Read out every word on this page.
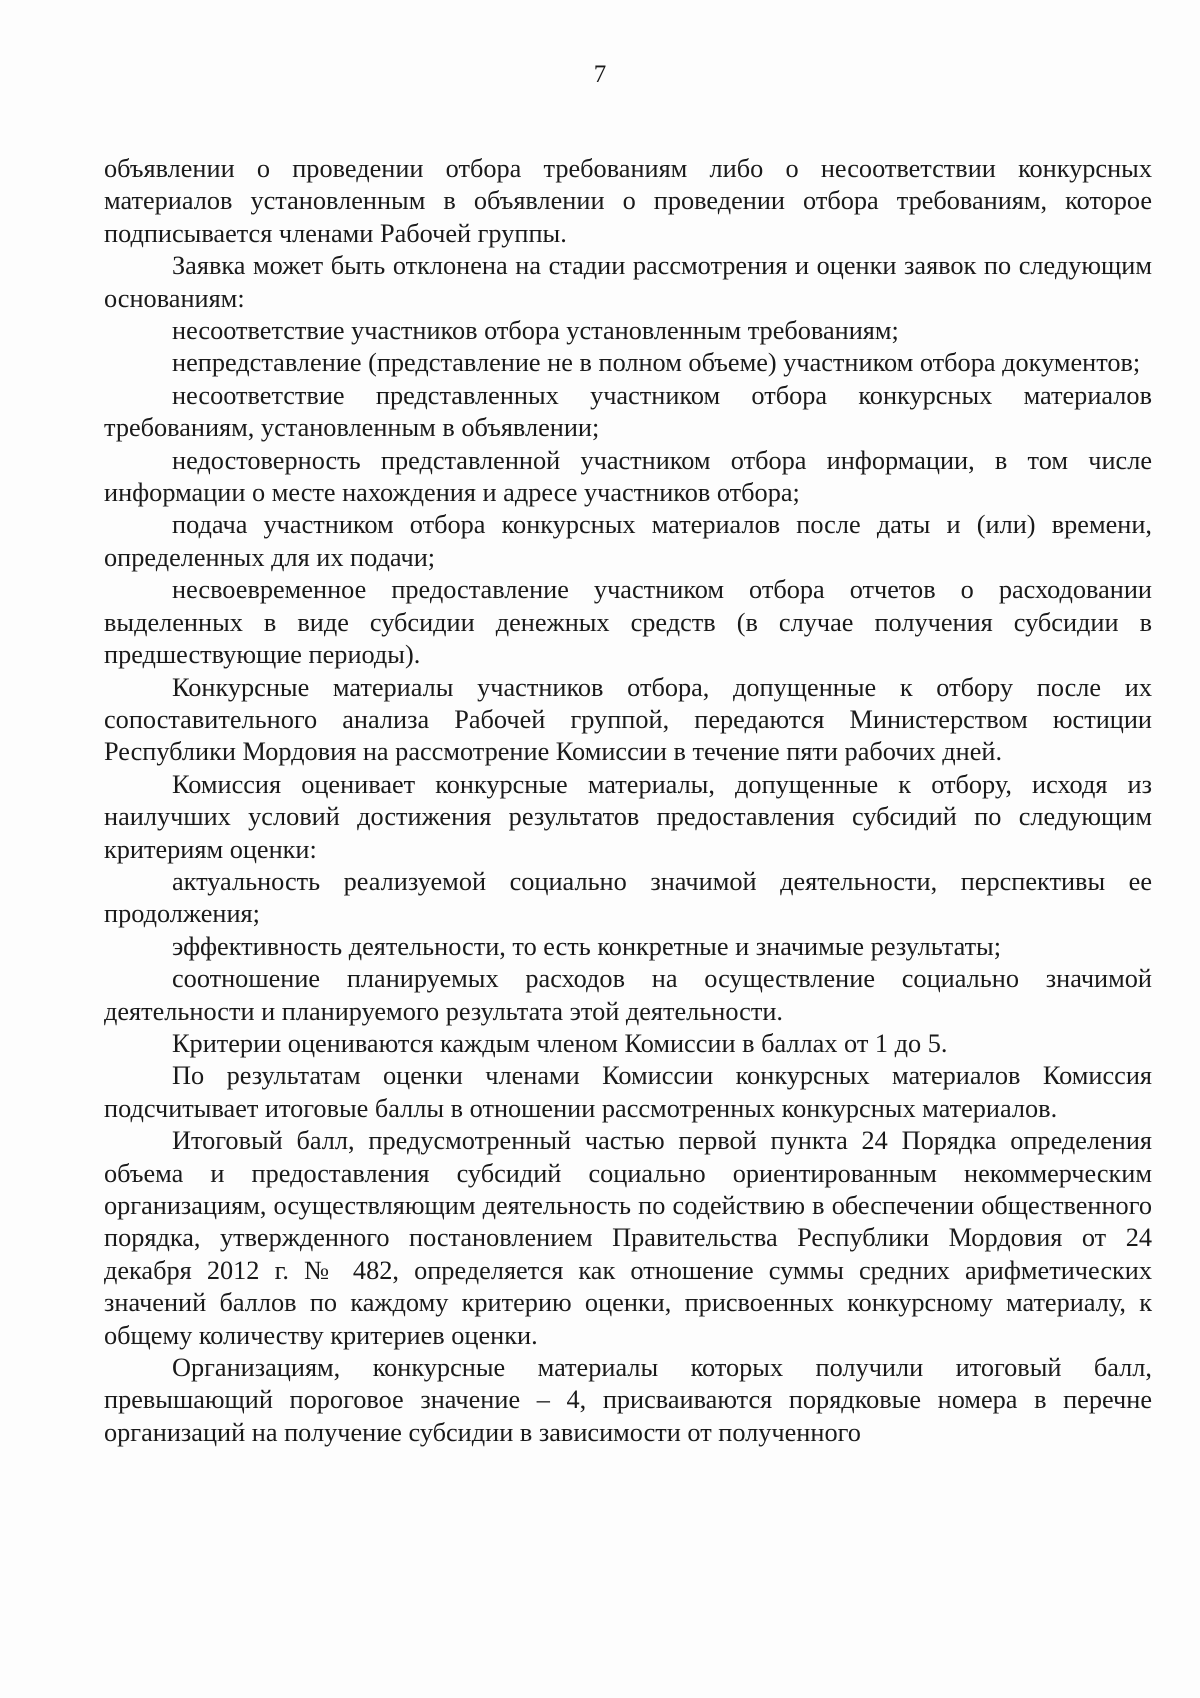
7

объявлении о проведении отбора требованиям либо о несоответствии конкурсных материалов установленным в объявлении о проведении отбора требованиям, которое подписывается членами Рабочей группы.

Заявка может быть отклонена на стадии рассмотрения и оценки заявок по следующим основаниям:

несоответствие участников отбора установленным требованиям;

непредставление (представление не в полном объеме) участником отбора документов;

несоответствие представленных участником отбора конкурсных материалов требованиям, установленным в объявлении;

недостоверность представленной участником отбора информации, в том числе информации о месте нахождения и адресе участников отбора;

подача участником отбора конкурсных материалов после даты и (или) времени, определенных для их подачи;

несвоевременное предоставление участником отбора отчетов о расходовании выделенных в виде субсидии денежных средств (в случае получения субсидии в предшествующие периоды).

Конкурсные материалы участников отбора, допущенные к отбору после их сопоставительного анализа Рабочей группой, передаются Министерством юстиции Республики Мордовия на рассмотрение Комиссии в течение пяти рабочих дней.

Комиссия оценивает конкурсные материалы, допущенные к отбору, исходя из наилучших условий достижения результатов предоставления субсидий по следующим критериям оценки:

актуальность реализуемой социально значимой деятельности, перспективы ее продолжения;

эффективность деятельности, то есть конкретные и значимые результаты;

соотношение планируемых расходов на осуществление социально значимой деятельности и планируемого результата этой деятельности.

Критерии оцениваются каждым членом Комиссии в баллах от 1 до 5.

По результатам оценки членами Комиссии конкурсных материалов Комиссия подсчитывает итоговые баллы в отношении рассмотренных конкурсных материалов.

Итоговый балл, предусмотренный частью первой пункта 24 Порядка определения объема и предоставления субсидий социально ориентированным некоммерческим организациям, осуществляющим деятельность по содействию в обеспечении общественного порядка, утвержденного постановлением Правительства Республики Мордовия от 24 декабря 2012 г. № 482, определяется как отношение суммы средних арифметических значений баллов по каждому критерию оценки, присвоенных конкурсному материалу, к общему количеству критериев оценки.

Организациям, конкурсные материалы которых получили итоговый балл, превышающий пороговое значение – 4, присваиваются порядковые номера в перечне организаций на получение субсидии в зависимости от полученного
